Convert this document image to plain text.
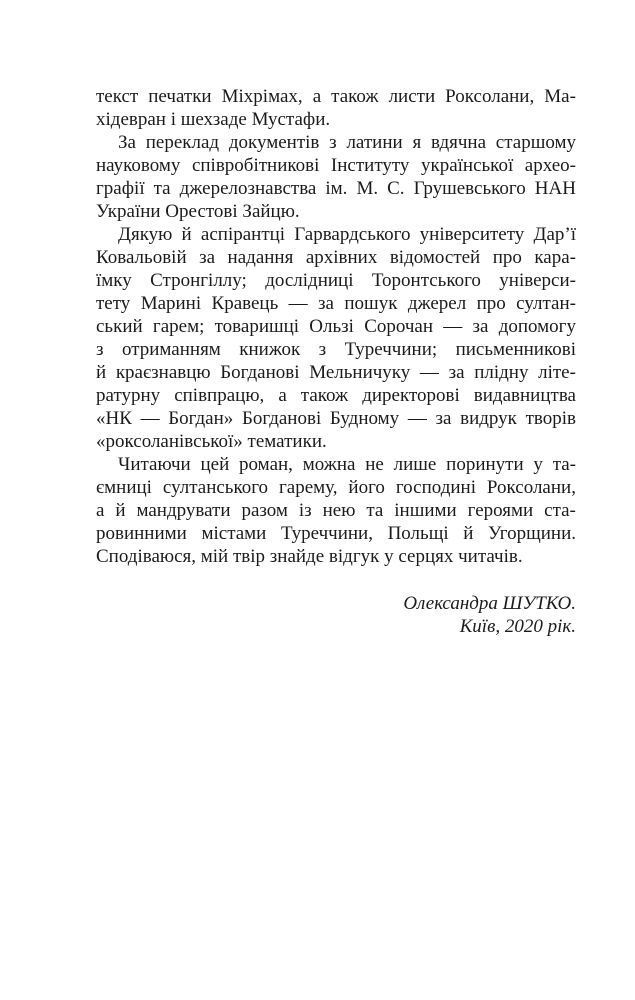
текст печатки Міхрімах, а також листи Роксолани, Ма-
хідевран і шехзаде Мустафи.
За переклад документів з латини я вдячна старшому
науковому співробітникові Інституту української архео-
графії та джерелознавства ім. М. С. Грушевського НАН
України Орестові Зайцю.
Дякую й аспірантці Гарвардського університету Дар’ї
Ковальовій за надання архівних відомостей про кара-
їмку Стронгіллу; дослідниці Торонтського універси-
тету Марині Кравець — за пошук джерел про султан-
ський гарем; товаришці Ользі Сорочан — за допомогу
з отриманням книжок з Туреччини; письменникові
й краєзнавцю Богданові Мельничуку — за плідну літе-
ратурну співпрацю, а також директорові видавництва
«НК — Богдан» Богданові Будному — за видрук творів
«роксоланівської» тематики.
Читаючи цей роман, можна не лише поринути у та-
ємниці султанського гарему, його господині Роксолани,
а й мандрувати разом із нею та іншими героями ста-
ровинними містами Туреччини, Польщі й Угорщини.
Сподіваюся, мій твір знайде відгук у серцях читачів.
Олександра ШУТКО.
Київ, 2020 рік.
